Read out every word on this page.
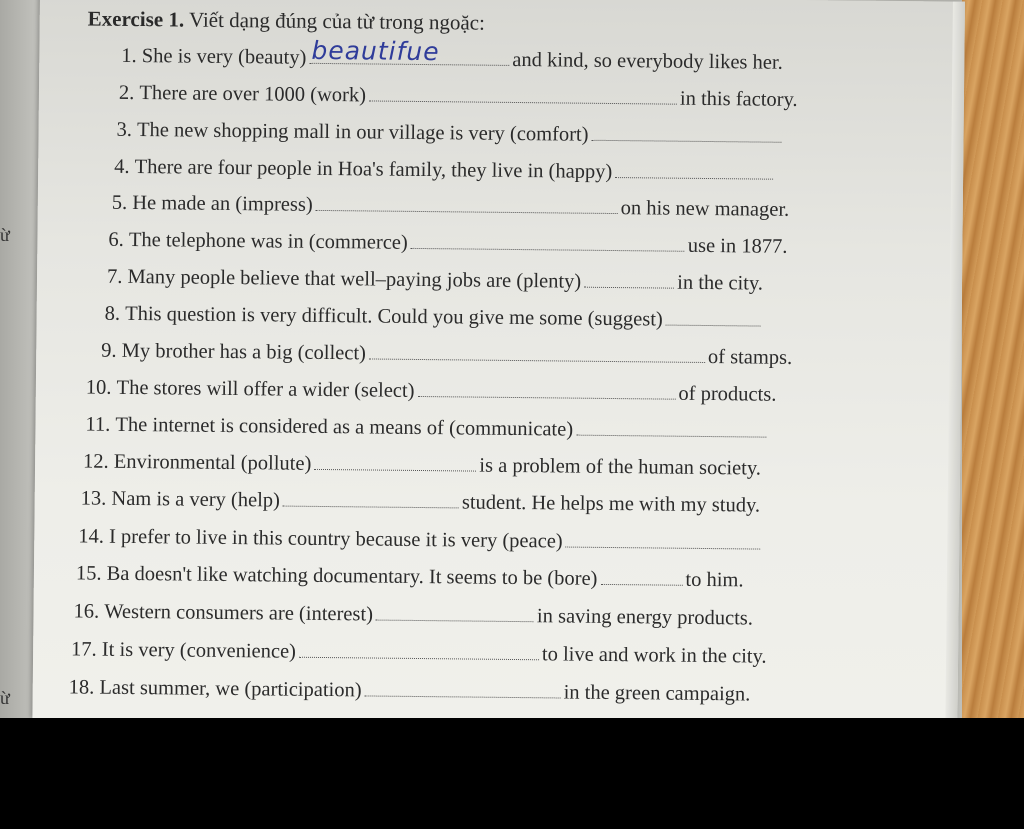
ừ
ừ
Exercise 1. Viết dạng đúng của từ trong ngoặc:
1.
She is very (beauty) beautifue	and kind, so everybody likes her.
2.
There are over 1000 (work)	in this factory.
3.
The new shopping mall in our village is very (comfort)
4.
There are four people in Hoa's family, they live in (happy)
5.
He made an (impress)	on his new manager.
6.
The telephone was in (commerce)	use in 1877.
7.
Many people believe that well–paying jobs are (plenty)	in the city.
8.
This question is very difficult. Could you give me some (suggest)
9.
My brother has a big (collect)	of stamps.
10.
The stores will offer a wider (select)	of products.
11.
The internet is considered as a means of (communicate)
12.
Environmental (pollute)	is a problem of the human society.
13.
Nam is a very (help)	student. He helps me with my study.
14.
I prefer to live in this country because it is very (peace)
15.
Ba doesn't like watching documentary. It seems to be (bore)	to him.
16.
Western consumers are (interest)	in saving energy products.
17.
It is very (convenience)	to live and work in the city.
18.
Last summer, we (participation)	in the green campaign.
